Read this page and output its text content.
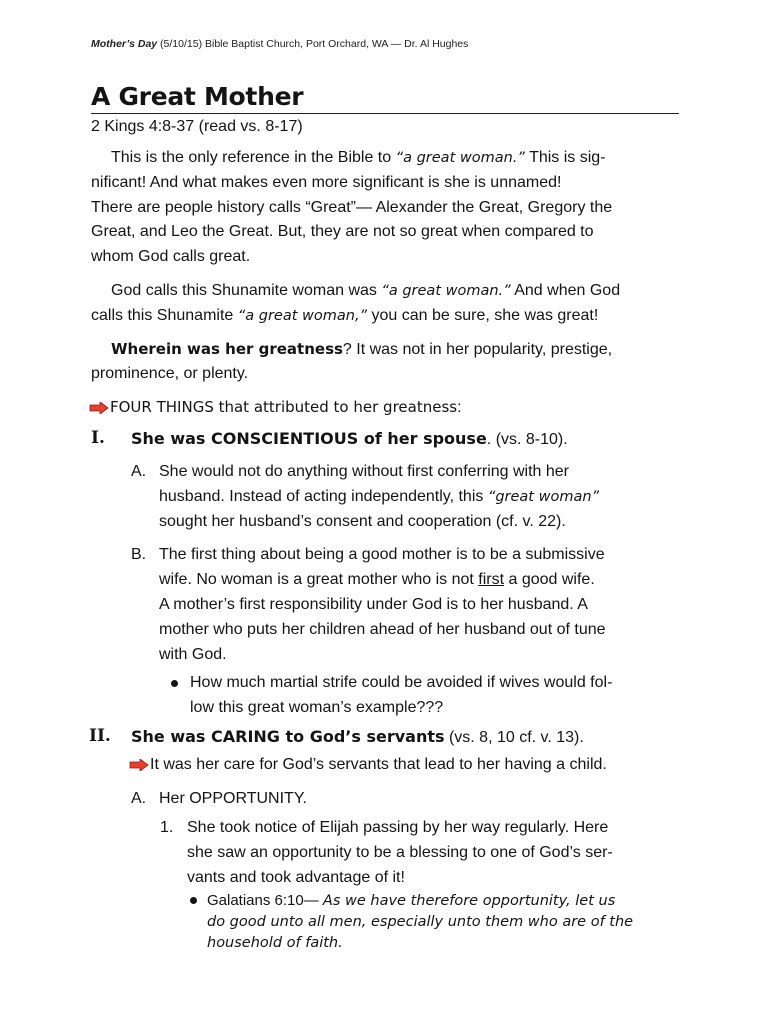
Mother’s Day (5/10/15) Bible Baptist Church, Port Orchard, WA — Dr. Al Hughes
A Great Mother
2 Kings 4:8-37 (read vs. 8-17)
This is the only reference in the Bible to “a great woman.” This is sig-
nificant! And what makes even more significant is she is unnamed!
There are people history calls “Great”— Alexander the Great, Gregory the
Great, and Leo the Great. But, they are not so great when compared to
whom God calls great.
God calls this Shunamite woman was “a great woman.” And when God
calls this Shunamite “a great woman,” you can be sure, she was great!
Wherein was her greatness? It was not in her popularity, prestige,
prominence, or plenty.
FOUR THINGS that attributed to her greatness:
I. She was CONSCIENTIOUS of her spouse. (vs. 8-10).
A. She would not do anything without first conferring with her
husband. Instead of acting independently, this “great woman”
sought her husband’s consent and cooperation (cf. v. 22).
B. The first thing about being a good mother is to be a submissive
wife. No woman is a great mother who is not first a good wife.
A mother’s first responsibility under God is to her husband. A
mother who puts her children ahead of her husband out of tune
with God.
How much martial strife could be avoided if wives would fol-
low this great woman’s example???
II. She was CARING to God’s servants (vs. 8, 10 cf. v. 13).
It was her care for God’s servants that lead to her having a child.
A. Her OPPORTUNITY.
1. She took notice of Elijah passing by her way regularly. Here
she saw an opportunity to be a blessing to one of God’s ser-
vants and took advantage of it!
Galatians 6:10— As we have therefore opportunity, let us
do good unto all men, especially unto them who are of the
household of faith.
